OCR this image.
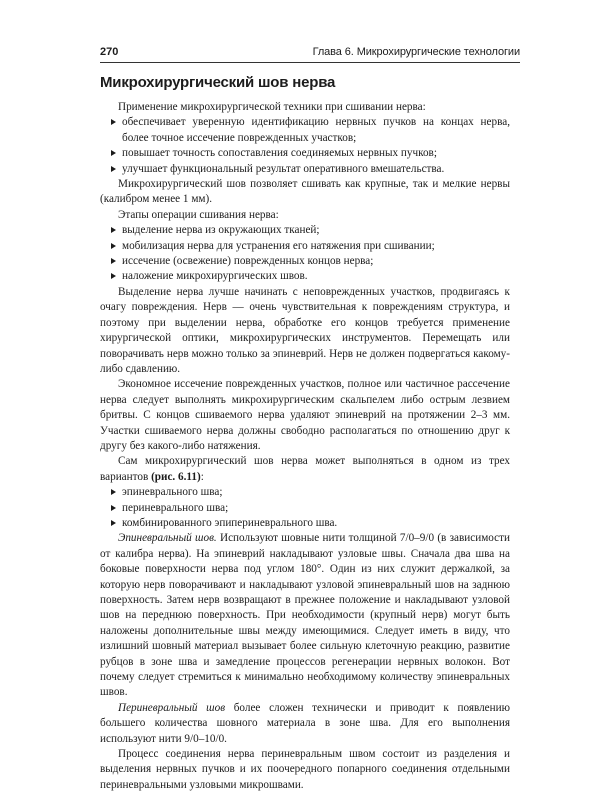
270	Глава 6. Микрохирургические технологии
Микрохирургический шов нерва

Применение микрохирургической техники при сшивании нерва:

обеспечивает уверенную идентификацию нервных пучков на концах нерва, более точное иссечение поврежденных участков;
повышает точность сопоставления соединяемых нервных пучков;
улучшает функциональный результат оперативного вмешательства.

Микрохирургический шов позволяет сшивать как крупные, так и мелкие нервы (калибром менее 1 мм).

Этапы операции сшивания нерва:

выделение нерва из окружающих тканей;
мобилизация нерва для устранения его натяжения при сшивании;
иссечение (освежение) поврежденных концов нерва;
наложение микрохирургических швов.

Выделение нерва лучше начинать с неповрежденных участков, продвигаясь к очагу повреждения. Нерв — очень чувствительная к повреждениям структура, и поэтому при выделении нерва, обработке его концов требуется применение хирургической оптики, микрохирургических инструментов. Перемещать или поворачивать нерв можно только за эпиневрий. Нерв не должен подвергаться какому-либо сдавлению.

Экономное иссечение поврежденных участков, полное или частичное рассечение нерва следует выполнять микрохирургическим скальпелем либо острым лезвием бритвы. С концов сшиваемого нерва удаляют эпиневрий на протяжении 2–3 мм. Участки сшиваемого нерва должны свободно располагаться по отношению друг к другу без какого-либо натяжения.

Сам микрохирургический шов нерва может выполняться в одном из трех вариантов (рис. 6.11):

эпиневрального шва;
периневрального шва;
комбинированного эпипериневрального шва.

Эпиневральный шов. Используют шовные нити толщиной 7/0–9/0 (в зависимости от калибра нерва). На эпиневрий накладывают узловые швы. Сначала два шва на боковые поверхности нерва под углом 180°. Один из них служит держалкой, за которую нерв поворачивают и накладывают узловой эпиневральный шов на заднюю поверхность. Затем нерв возвращают в прежнее положение и накладывают узловой шов на переднюю поверхность. При необходимости (крупный нерв) могут быть наложены дополнительные швы между имеющимися. Следует иметь в виду, что излишний шовный материал вызывает более сильную клеточную реакцию, развитие рубцов в зоне шва и замедление процессов регенерации нервных волокон. Вот почему следует стремиться к минимально необходимому количеству эпиневральных швов.

Периневральный шов более сложен технически и приводит к появлению большего количества шовного материала в зоне шва. Для его выполнения используют нити 9/0–10/0.

Процесс соединения нерва периневральным швом состоит из разделения и выделения нервных пучков и их поочередного попарного соединения отдельными периневральными узловыми микрошвами.
